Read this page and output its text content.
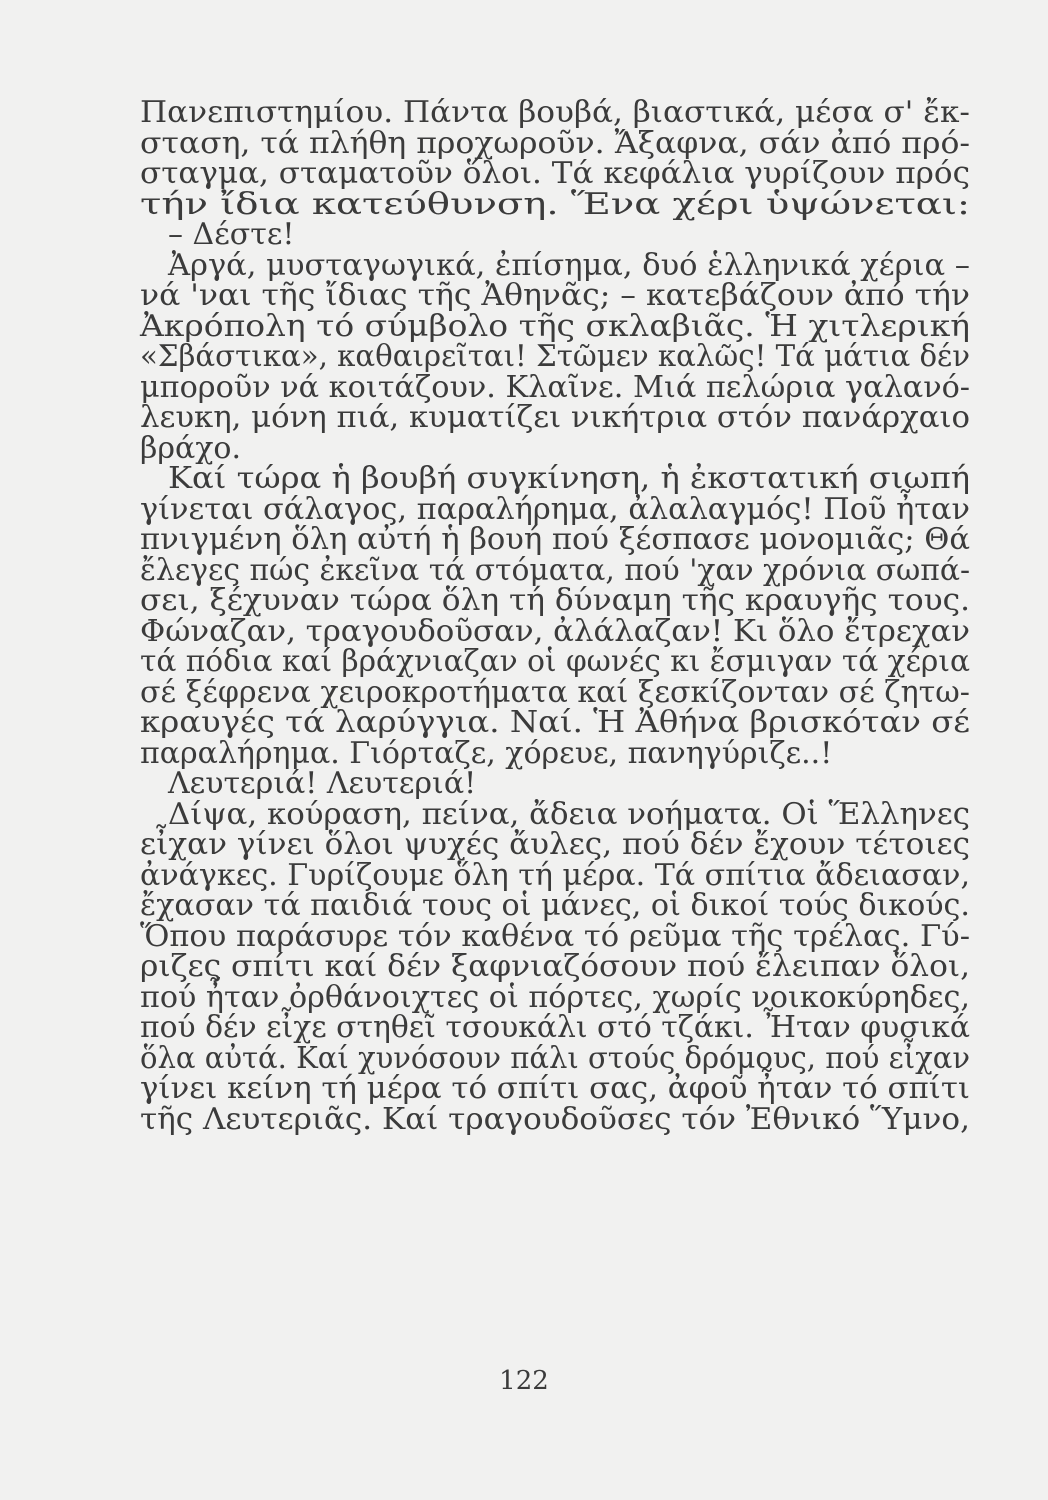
Πανεπιστημίου. Πάντα βουβά, βιαστικά, μέσα σ' ἔκ-
σταση, τά πλήθη προχωροῦν. Ἄξαφνα, σάν ἀπό πρό-
σταγμα, σταματοῦν ὅλοι. Τά κεφάλια γυρίζουν πρός
τήν ἴδια κατεύθυνση. Ἕνα χέρι ὑψώνεται:
– Δέστε!
Ἀργά, μυσταγωγικά, ἐπίσημα, δυό ἑλληνικά χέρια –
νά 'ναι τῆς ἴδιας τῆς Ἀθηνᾶς; – κατεβάζουν ἀπό τήν
Ἀκρόπολη τό σύμβολο τῆς σκλαβιᾶς. Ἡ χιτλερική
«Σβάστικα», καθαιρεῖται! Στῶμεν καλῶς! Τά μάτια δέν
μποροῦν νά κοιτάζουν. Κλαῖνε. Μιά πελώρια γαλανό-
λευκη, μόνη πιά, κυματίζει νικήτρια στόν πανάρχαιο
βράχο.
Καί τώρα ἡ βουβή συγκίνηση, ἡ ἐκστατική σιωπή
γίνεται σάλαγος, παραλήρημα, ἀλαλαγμός! Ποῦ ἦταν
πνιγμένη ὅλη αὐτή ἡ βουή πού ξέσπασε μονομιᾶς; Θά
ἔλεγες πώς ἐκεῖνα τά στόματα, πού 'χαν χρόνια σωπά-
σει, ξέχυναν τώρα ὅλη τή δύναμη τῆς κραυγῆς τους.
Φώναζαν, τραγουδοῦσαν, ἀλάλαζαν! Κι ὅλο ἔτρεχαν
τά πόδια καί βράχνιαζαν οἱ φωνές κι ἔσμιγαν τά χέρια
σέ ξέφρενα χειροκροτήματα καί ξεσκίζονταν σέ ζητω-
κραυγές τά λαρύγγια. Ναί. Ἡ Ἀθήνα βρισκόταν σέ
παραλήρημα. Γιόρταζε, χόρευε, πανηγύριζε..!
Λευτεριά! Λευτεριά!
Δίψα, κούραση, πείνα, ἄδεια νοήματα. Οἱ Ἕλληνες
εἶχαν γίνει ὅλοι ψυχές ἄυλες, πού δέν ἔχουν τέτοιες
ἀνάγκες. Γυρίζουμε ὅλη τή μέρα. Τά σπίτια ἄδειασαν,
ἔχασαν τά παιδιά τους οἱ μάνες, οἱ δικοί τούς δικούς.
Ὅπου παράσυρε τόν καθένα τό ρεῦμα τῆς τρέλας. Γύ-
ριζες σπίτι καί δέν ξαφνιαζόσουν πού ἔλειπαν ὅλοι,
πού ἦταν ὀρθάνοιχτες οἱ πόρτες, χωρίς νοικοκύρηδες,
πού δέν εἶχε στηθεῖ τσουκάλι στό τζάκι. Ἦταν φυσικά
ὅλα αὐτά. Καί χυνόσουν πάλι στούς δρόμους, πού εἶχαν
γίνει κείνη τή μέρα τό σπίτι σας, ἀφοῦ ἦταν τό σπίτι
τῆς Λευτεριᾶς. Καί τραγουδοῦσες τόν Ἐθνικό Ὕμνο,
122
